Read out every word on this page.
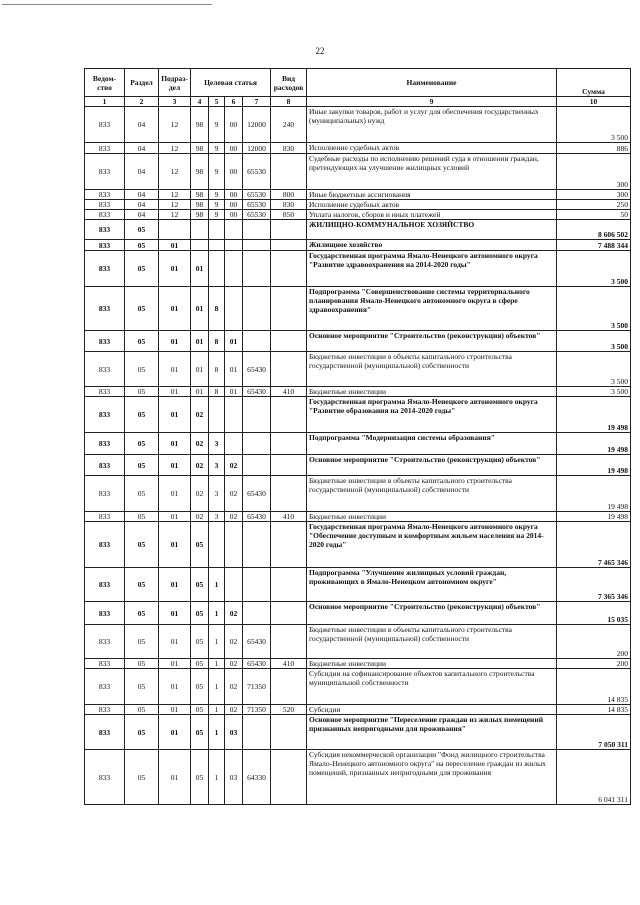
22
Ведом-ство	Раздел	Подраз-дел	Целевая статья				Вид расходов	Наименование	Сумма
1	2	3	4	5	6	7	8	9	10
833	04	12	98	9	00	12000	240	Иные закупки товаров, работ и услуг для обеспечения государственных (муниципальных) нужд	3 500
833	04	12	98	9	00	12000	830	Исполнение судебных актов	886
833	04	12	98	9	00	65530		Судебные расходы по исполнению решений суда в отношении граждан, претендующих на улучшение жилищных условий	300
833	04	12	98	9	00	65530	800	Иные бюджетные ассигнования	300
833	04	12	98	9	00	65530	830	Исполнение судебных актов	250
833	04	12	98	9	00	65530	850	Уплата налогов, сборов и иных платежей	50
833	05							ЖИЛИЩНО-КОММУНАЛЬНОЕ ХОЗЯЙСТВО	8 606 502
833	05	01						Жилищное хозяйство	7 488 344
833	05	01	01					Государственная программа Ямало-Ненецкого автономного округа "Развитие здравоохранения на 2014-2020 годы"	3 500
833	05	01	01	8				Подпрограмма "Совершенствование системы территориального планирования Ямало-Ненецкого автономного округа в сфере здравоохранения"	3 500
833	05	01	01	8	01			Основное мероприятие "Строительство (реконструкция) объектов"	3 500
833	05	01	01	8	01	65430		Бюджетные инвестиции в объекты капитального строительства государственной (муниципальной) собственности	3 500
833	05	01	01	8	01	65430	410	Бюджетные инвестиции	3 500
833	05	01	02					Государственная программа Ямало-Ненецкого автономного округа "Развитие образования на 2014-2020 годы"	19 498
833	05	01	02	3				Подпрограмма "Модернизация системы образования"	19 498
833	05	01	02	3	02			Основное мероприятие "Строительство (реконструкция) объектов"	19 498
833	05	01	02	3	02	65430		Бюджетные инвестиции в объекты капитального строительства государственной (муниципальной) собственности	19 498
833	05	01	02	3	02	65430	410	Бюджетные инвестиции	19 498
833	05	01	05					Государственная программа Ямало-Ненецкого автономного округа "Обеспечение доступным и комфортным жильем населения на 2014-2020 годы"	7 465 346
833	05	01	05	1				Подпрограмма "Улучшение жилищных условий граждан, проживающих в Ямало-Ненецком автономном округе"	7 365 346
833	05	01	05	1	02			Основное мероприятие "Строительство (реконструкция) объектов"	15 035
833	05	01	05	1	02	65430		Бюджетные инвестиции в объекты капитального строительства государственной (муниципальной) собственности	200
833	05	01	05	1	02	65430	410	Бюджетные инвестиции	200
833	05	01	05	1	02	71350		Субсидии на софинансирование объектов капитального строительства муниципальной собственности	14 835
833	05	01	05	1	02	71350	520	Субсидии	14 835
833	05	01	05	1	03			Основное мероприятие "Переселение граждан из жилых помещений признанных непригодными для проживания"	7 050 311
833	05	01	05	1	03	64330		Субсидия некоммерческой организации "Фонд жилищного строительства Ямало-Ненецкого автономного округа" на переселение граждан из жилых помещений, признанных непригодными для проживания	6 041 311
